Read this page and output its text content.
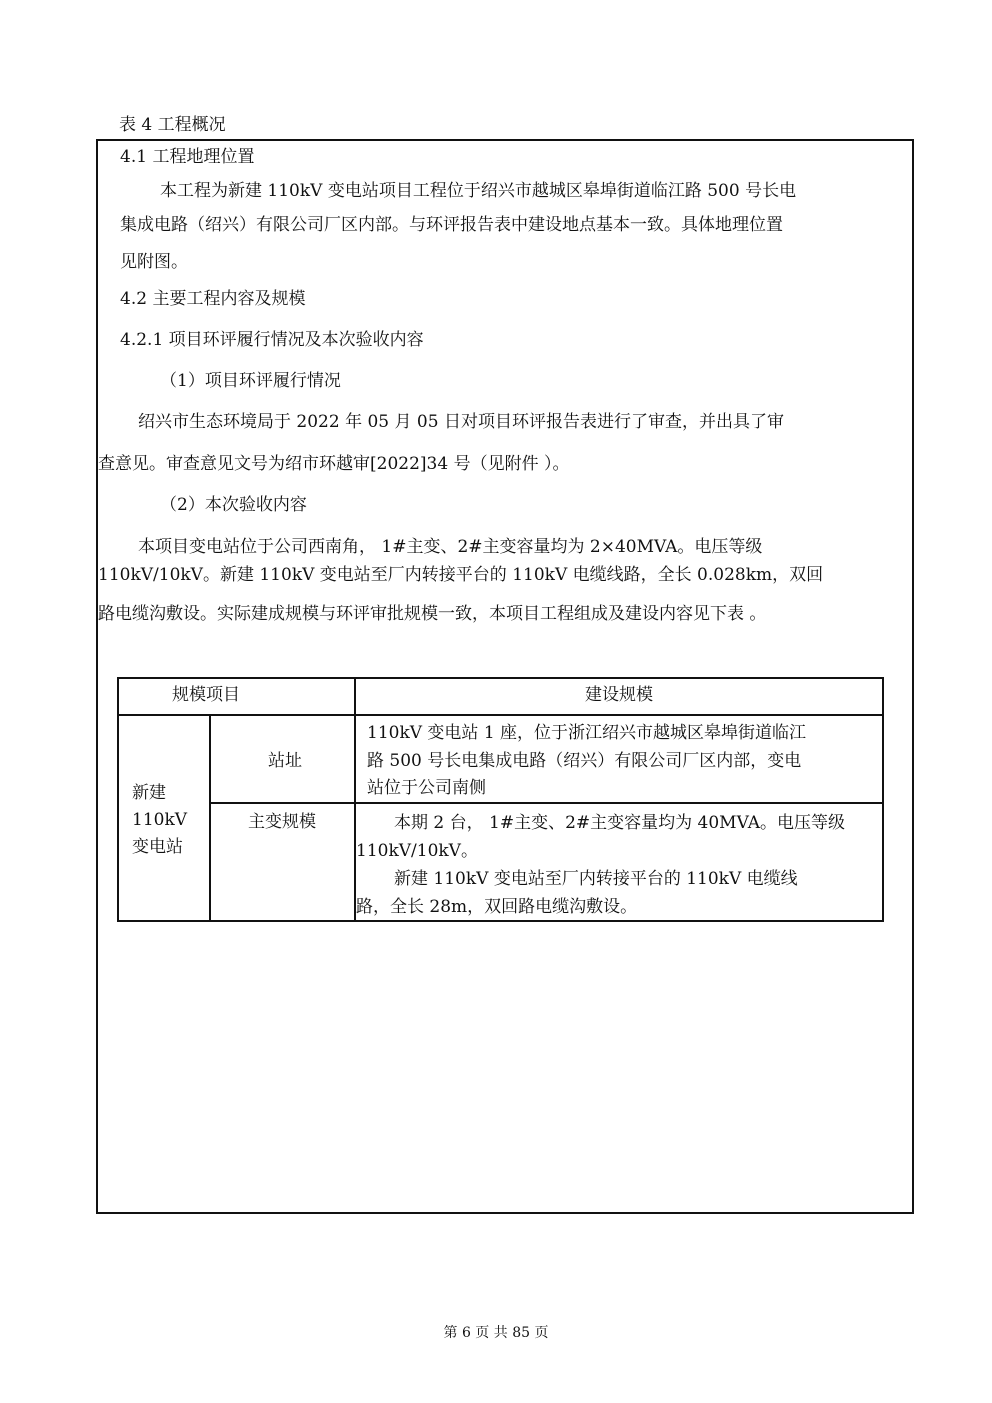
表 4 工程概况
4.1 工程地理位置
本工程为新建 110kV 变电站项目工程位于绍兴市越城区皋埠街道临江路 500 号长电
集成电路（绍兴）有限公司厂区内部。与环评报告表中建设地点基本一致。具体地理位置
见附图。
4.2 主要工程内容及规模
4.2.1 项目环评履行情况及本次验收内容
（1）项目环评履行情况
绍兴市生态环境局于 2022 年 05 月 05 日对项目环评报告表进行了审查，并出具了审
查意见。审查意见文号为绍市环越审[2022]34 号（见附件 ）。
（2）本次验收内容
本项目变电站位于公司西南角， 1#主变、2#主变容量均为 2×40MVA。电压等级
110kV/10kV。新建 110kV 变电站至厂内转接平台的 110kV 电缆线路，全长 0.028km，双回
路电缆沟敷设。实际建成规模与环评审批规模一致，本项目工程组成及建设内容见下表 。
规模项目	建设规模
新建
110kV
变电站
站址
110kV 变电站 1 座，位于浙江绍兴市越城区皋埠街道临江
路 500 号长电集成电路（绍兴）有限公司厂区内部，变电
站位于公司南侧
主变规模	本期 2 台， 1#主变、2#主变容量均为 40MVA。电压等级
110kV/10kV。
新建 110kV 变电站至厂内转接平台的 110kV 电缆线
路，全长 28m，双回路电缆沟敷设。
第 6 页 共 85 页
